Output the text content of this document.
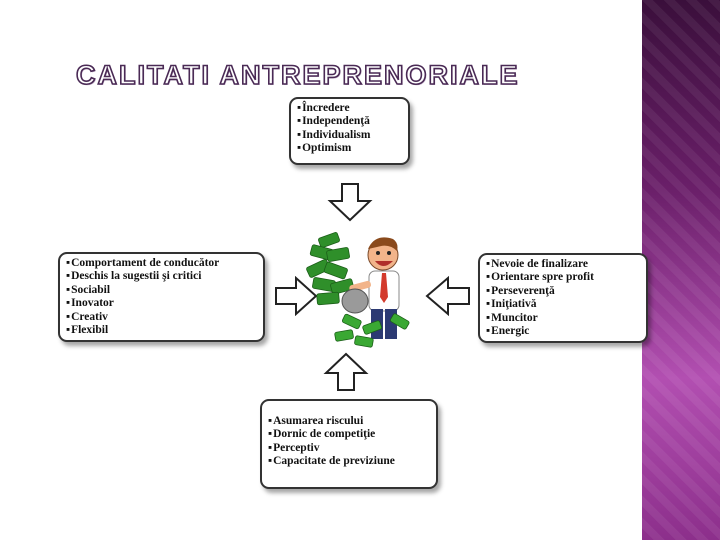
CALITATI ANTREPRENORIALE
▪ Încredere
▪ Independenţă
▪ Individualism
▪ Optimism
▪ Comportament de conducător
▪ Deschis la sugestii şi critici
▪ Sociabil
▪ Inovator
▪ Creativ
▪ Flexibil
▪ Nevoie de finalizare
▪ Orientare spre profit
▪ Perseverenţă
▪ Iniţiativă
▪ Muncitor
▪ Energic
▪ Asumarea riscului
▪ Dornic de competiţie
▪ Perceptiv
▪ Capacitate de previziune
